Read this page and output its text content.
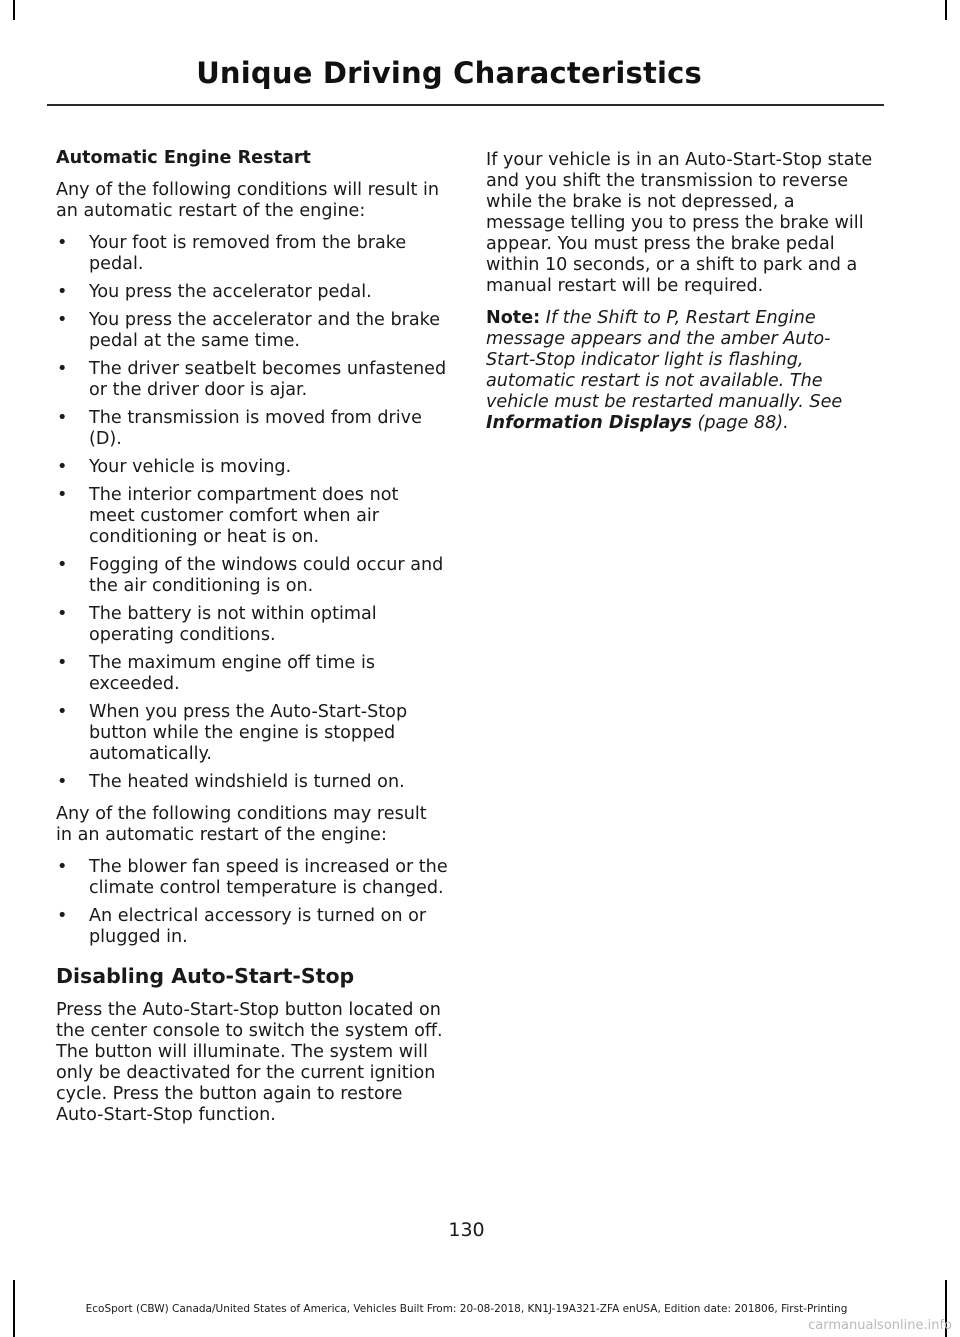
Unique Driving Characteristics
Automatic Engine Restart
Any of the following conditions will result in an automatic restart of the engine:
• Your foot is removed from the brake pedal.
• You press the accelerator pedal.
• You press the accelerator and the brake pedal at the same time.
• The driver seatbelt becomes unfastened or the driver door is ajar.
• The transmission is moved from drive (D).
• Your vehicle is moving.
• The interior compartment does not meet customer comfort when air conditioning or heat is on.
• Fogging of the windows could occur and the air conditioning is on.
• The battery is not within optimal operating conditions.
• The maximum engine off time is exceeded.
• When you press the Auto-Start-Stop button while the engine is stopped automatically.
• The heated windshield is turned on.
Any of the following conditions may result in an automatic restart of the engine:
• The blower fan speed is increased or the climate control temperature is changed.
• An electrical accessory is turned on or plugged in.
Disabling Auto-Start-Stop
Press the Auto-Start-Stop button located on the center console to switch the system off. The button will illuminate. The system will only be deactivated for the current ignition cycle. Press the button again to restore Auto-Start-Stop function.
If your vehicle is in an Auto-Start-Stop state and you shift the transmission to reverse while the brake is not depressed, a message telling you to press the brake will appear. You must press the brake pedal within 10 seconds, or a shift to park and a manual restart will be required.
Note: If the Shift to P, Restart Engine message appears and the amber Auto-Start-Stop indicator light is flashing, automatic restart is not available. The vehicle must be restarted manually. See Information Displays (page 88).
130
EcoSport (CBW) Canada/United States of America, Vehicles Built From: 20-08-2018, KN1J-19A321-ZFA enUSA, Edition date: 201806, First-Printing
carmanualsonline.info
